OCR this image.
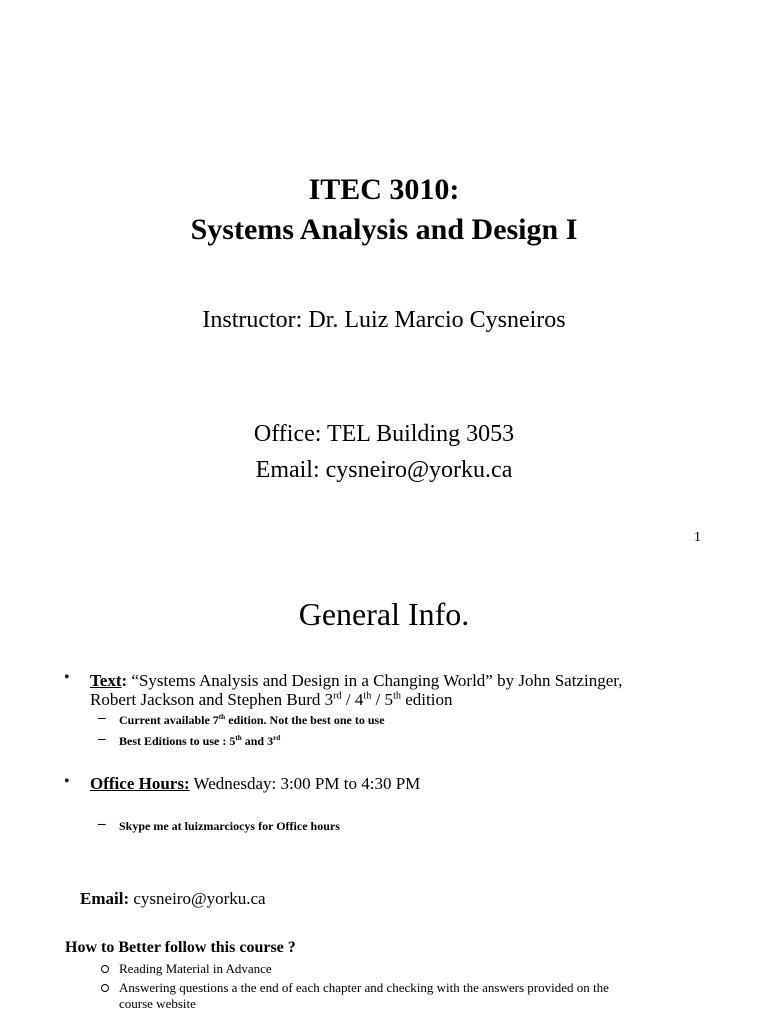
ITEC 3010:
Systems Analysis and Design I
Instructor: Dr. Luiz Marcio Cysneiros
Office: TEL Building 3053
Email: cysneiro@yorku.ca
1
General Info.
• Text: “Systems Analysis and Design in a Changing World” by John Satzinger,
Robert Jackson and Stephen Burd 3rd / 4th / 5th edition
– Current available 7th edition. Not the best one to use
– Best Editions to use : 5th and 3rd
• Office Hours: Wednesday: 3:00 PM to 4:30 PM
– Skype me at luizmarciocys for Office hours
Email: cysneiro@yorku.ca
How to Better follow this course ?
Reading Material in Advance
Answering questions a the end of each chapter and checking with the answers provided on the
course website
